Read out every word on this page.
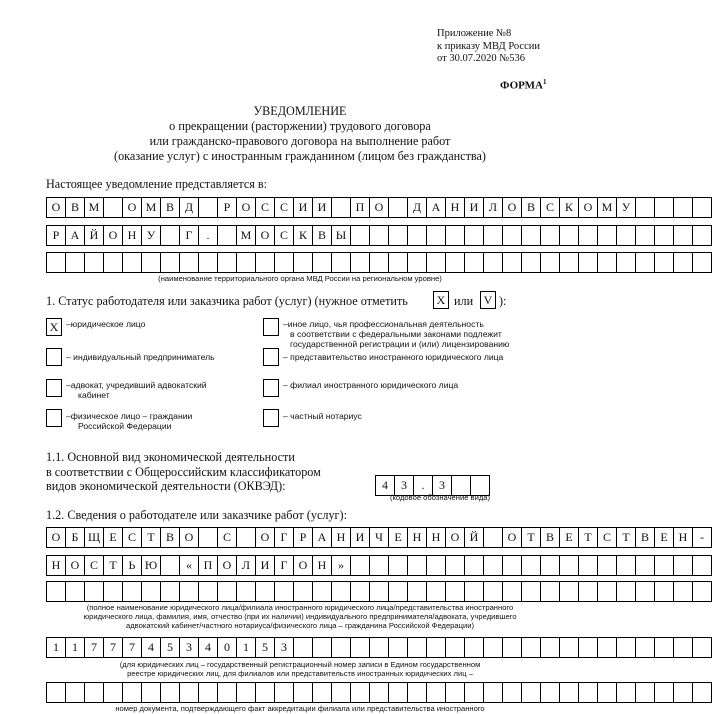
Приложение №8
к приказу МВД России
от 30.07.2020 №536
ФОРМА$^1$
УВЕДОМЛЕНИЕ
о прекращении (расторжении) трудового договора
или гражданско-правового договора на выполнение работ
(оказание услуг) с иностранным гражданином (лицом без гражданства)
Настоящее уведомление представляется в:
О В М	О М В Д	Р О С С И И	П О	Д А Н И Л О В С К О М У
Р А Й О Н У	Г	.	М О С К В Ы
(наименование территориального органа МВД России на региональном уровне)
1. Статус работодателя или заказчика работ (услуг) (нужное отметить X или V ):
X –юридическое лицо	–иное лицо, чья профессиональная деятельность
в соответствии с федеральными законами подлежит
государственной регистрации и (или) лицензированию
– индивидуальный предприниматель	– представительство иностранного юридического лица
–адвокат, учредивший адвокатский
кабинет
– филиал иностранного юридического лица
–физическое лицо – граждании
Российской Федерации
– частный нотариус
1.1. Основной вид экономической деятельности
в соответствии с Общероссийским классификатором
видов экономической деятельности (ОКВЭД):	4	3	.	3
(кодовое обозначение вида)
1.2. Сведения о работодателе или заказчике работ (услуг):
О Б Щ Е С Т В О	С	О Г	Р А Н И Ч Е Н Н О Й	О Т В Е Т С Т В Е Н	-
Н О С Т Ь Ю	« П О Л И Г О Н »
(полное наименование юридического лица/филиала иностранного юридического лица/представительства иностранного
юридического лица, фамилия, имя, отчество (при их наличии) индивидуального предпринимателя/адвоката, учредившего
адвокатский кабинет/частного нотариуса/физического лица – гражданина Российской Федерации)
1	1	7	7	7	4	5	3	4	0	1	5	3
(для юридических лиц – государственный регистрационный номер записи в Едином государственном
реестре юридических лиц, для филиалов или представительств иностранных юридических лиц –
номер документа, подтверждающего факт аккредитации филиала или представительства иностранного
